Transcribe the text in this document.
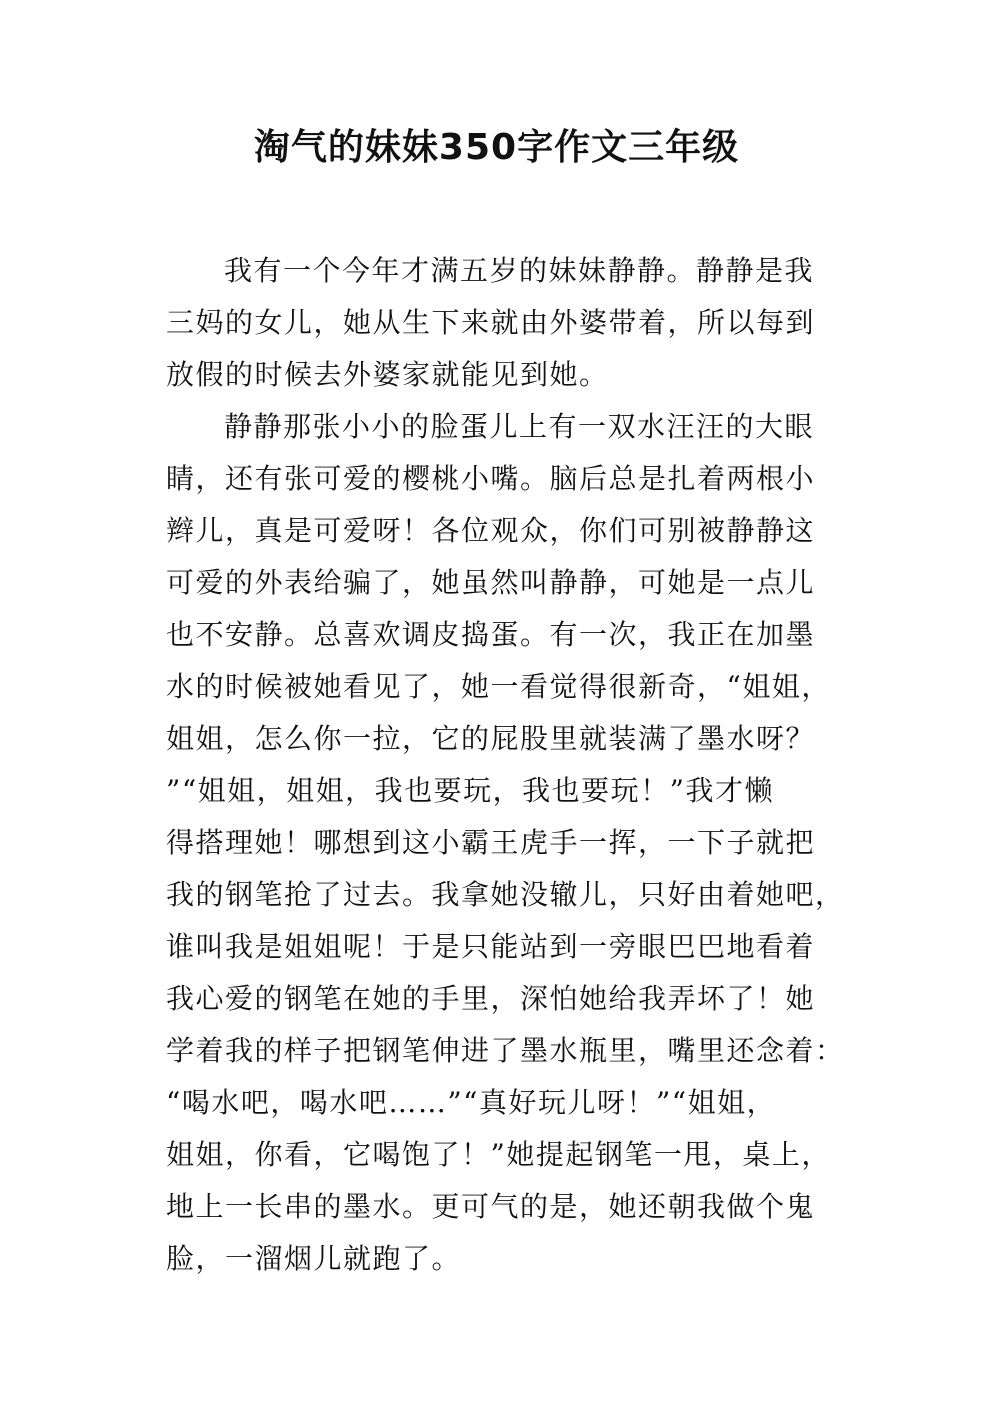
淘气的妹妹350字作文三年级
我有一个今年才满五岁的妹妹静静。静静是我
三妈的女儿，她从生下来就由外婆带着，所以每到
放假的时候去外婆家就能见到她。
静静那张小小的脸蛋儿上有一双水汪汪的大眼
睛，还有张可爱的樱桃小嘴。脑后总是扎着两根小
辫儿，真是可爱呀！各位观众，你们可别被静静这
可爱的外表给骗了，她虽然叫静静，可她是一点儿
也不安静。总喜欢调皮捣蛋。有一次，我正在加墨
水的时候被她看见了，她一看觉得很新奇，“姐姐，
姐姐，怎么你一拉，它的屁股里就装满了墨水呀？
”“姐姐，姐姐，我也要玩，我也要玩！”我才懒
得搭理她！哪想到这小霸王虎手一挥，一下子就把
我的钢笔抢了过去。我拿她没辙儿，只好由着她吧，
谁叫我是姐姐呢！于是只能站到一旁眼巴巴地看着
我心爱的钢笔在她的手里，深怕她给我弄坏了！她
学着我的样子把钢笔伸进了墨水瓶里，嘴里还念着：
“喝水吧，喝水吧……”“真好玩儿呀！”“姐姐，
姐姐，你看，它喝饱了！”她提起钢笔一甩，桌上，
地上一长串的墨水。更可气的是，她还朝我做个鬼
脸，一溜烟儿就跑了。
